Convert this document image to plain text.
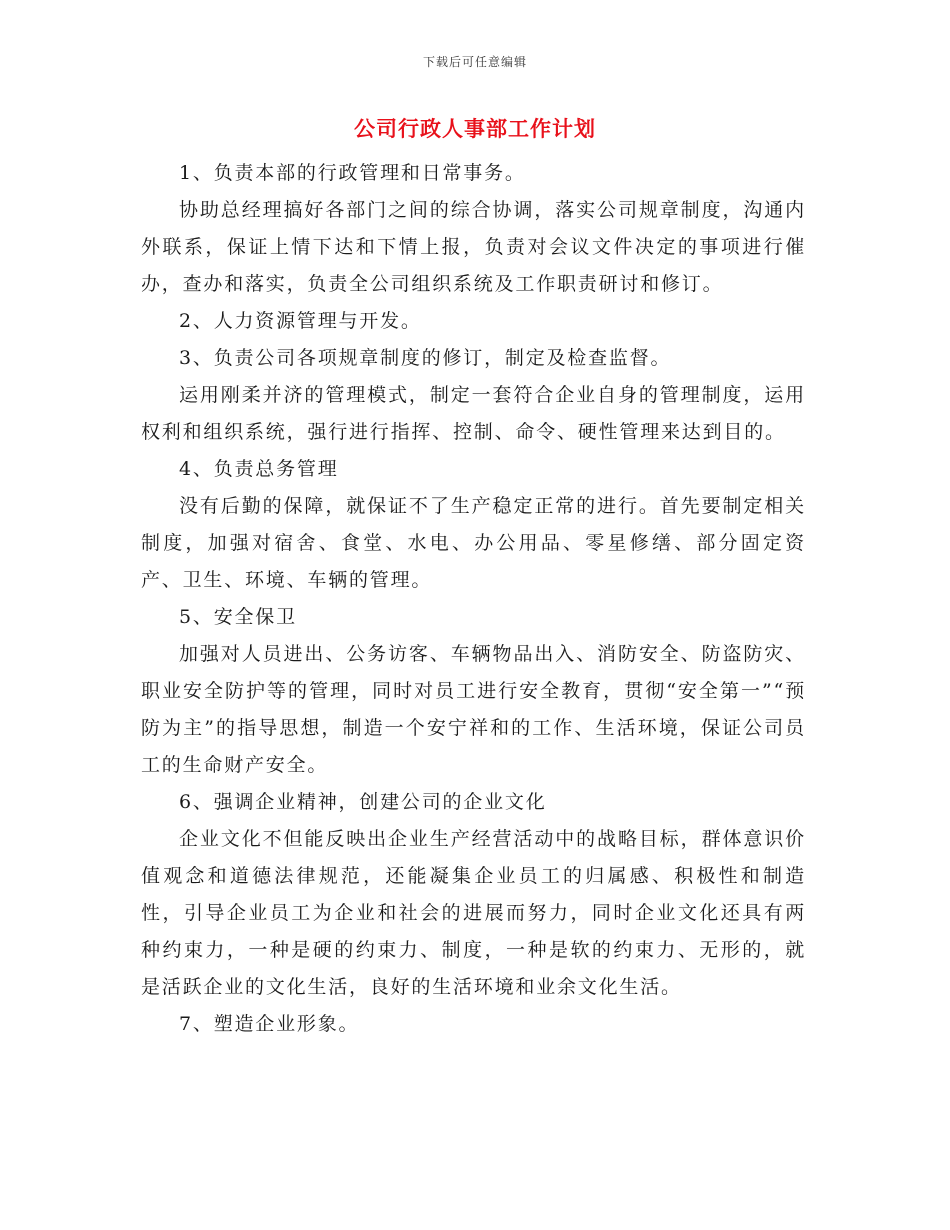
下载后可任意编辑
公司行政人事部工作计划

1、负责本部的行政管理和日常事务。

协助总经理搞好各部门之间的综合协调，落实公司规章制度，沟通内外联系，保证上情下达和下情上报，负责对会议文件决定的事项进行催办，查办和落实，负责全公司组织系统及工作职责研讨和修订。

2、人力资源管理与开发。

3、负责公司各项规章制度的修订，制定及检查监督。

运用刚柔并济的管理模式，制定一套符合企业自身的管理制度，运用权利和组织系统，强行进行指挥、控制、命令、硬性管理来达到目的。

4、负责总务管理

没有后勤的保障，就保证不了生产稳定正常的进行。首先要制定相关制度，加强对宿舍、食堂、水电、办公用品、零星修缮、部分固定资产、卫生、环境、车辆的管理。

5、安全保卫

加强对人员进出、公务访客、车辆物品出入、消防安全、防盗防灾、职业安全防护等的管理，同时对员工进行安全教育，贯彻“安全第一”“预防为主”的指导思想，制造一个安宁祥和的工作、生活环境，保证公司员工的生命财产安全。

6、强调企业精神，创建公司的企业文化

企业文化不但能反映出企业生产经营活动中的战略目标，群体意识价值观念和道德法律规范，还能凝集企业员工的归属感、积极性和制造性，引导企业员工为企业和社会的进展而努力，同时企业文化还具有两种约束力，一种是硬的约束力、制度，一种是软的约束力、无形的，就是活跃企业的文化生活，良好的生活环境和业余文化生活。

7、塑造企业形象。
